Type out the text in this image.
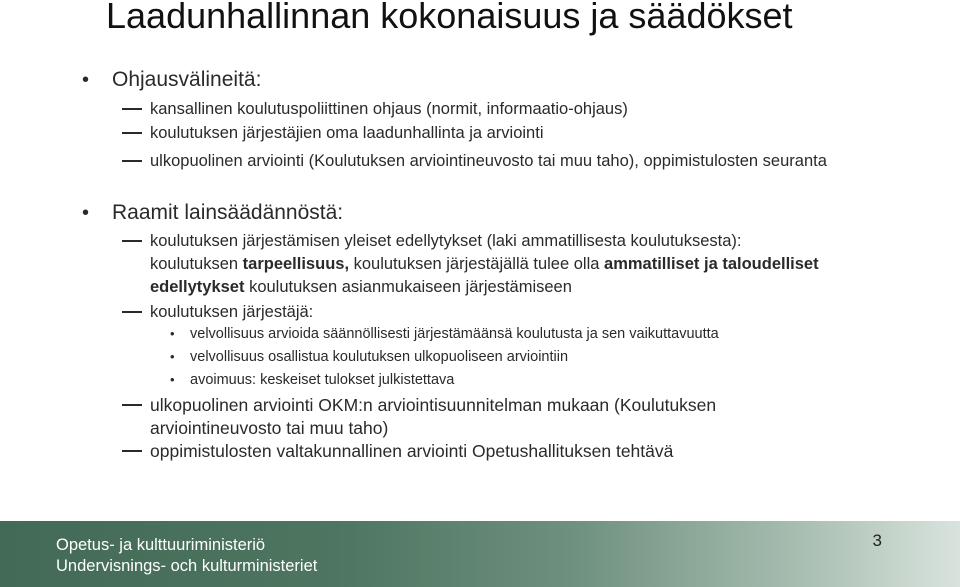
Laadunhallinnan kokonaisuus ja säädökset
• Ohjausvälineitä:
kansallinen koulutuspoliittinen ohjaus (normit, informaatio-ohjaus)
koulutuksen järjestäjien oma laadunhallinta ja arviointi
ulkopuolinen arviointi (Koulutuksen arviointineuvosto tai muu taho), oppimistulosten seuranta
• Raamit lainsäädännöstä:
koulutuksen järjestämisen yleiset edellytykset (laki ammatillisesta koulutuksesta):
koulutuksen tarpeellisuus, koulutuksen järjestäjällä tulee olla ammatilliset ja taloudelliset edellytykset koulutuksen asianmukaiseen järjestämiseen
koulutuksen järjestäjä:
• velvollisuus arvioida säännöllisesti järjestämäänsä koulutusta ja sen vaikuttavuutta
• velvollisuus osallistua koulutuksen ulkopuoliseen arviointiin
• avoimuus: keskeiset tulokset julkistettava
ulkopuolinen arviointi OKM:n arviointisuunnitelman mukaan (Koulutuksen arviointineuvosto tai muu taho)
oppimistulosten valtakunnallinen arviointi Opetushallituksen tehtävä
Opetus- ja kulttuuriministeriö
Undervisnings- och kulturministeriet
3
